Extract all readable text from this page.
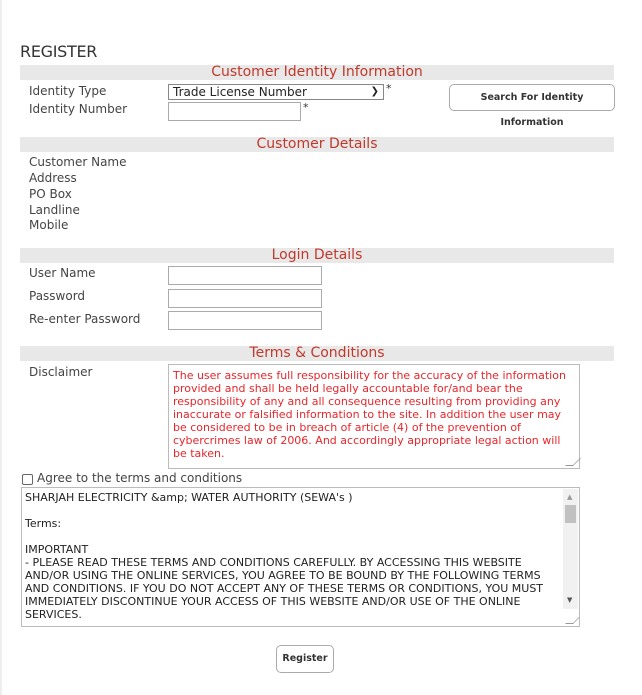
REGISTER
Customer Identity Information
Identity Type	Trade License Number	❯ *
Identity Number	*
Search For Identity Information
Customer Details
Customer Name
Address
PO Box
Landline
Mobile
Login Details
User Name
Password
Re-enter Password
Terms & Conditions
Disclaimer	The user assumes full responsibility for the accuracy of the information provided and shall be held legally accountable for/and bear the responsibility of any and all consequence resulting from providing any inaccurate or falsified information to the site. In addition the user may be considered to be in breach of article (4) of the prevention of cybercrimes law of 2006. And accordingly appropriate legal action will be taken.
Agree to the terms and conditions
SHARJAH ELECTRICITY &amp; WATER AUTHORITY (SEWA's )

Terms:

IMPORTANT
- PLEASE READ THESE TERMS AND CONDITIONS CAREFULLY. BY ACCESSING THIS WEBSITE AND/OR USING THE ONLINE SERVICES, YOU AGREE TO BE BOUND BY THE FOLLOWING TERMS AND CONDITIONS. IF YOU DO NOT ACCEPT ANY OF THESE TERMS OR CONDITIONS, YOU MUST IMMEDIATELY DISCONTINUE YOUR ACCESS OF THIS WEBSITE AND/OR USE OF THE ONLINE SERVICES.

▲
▼

Register
